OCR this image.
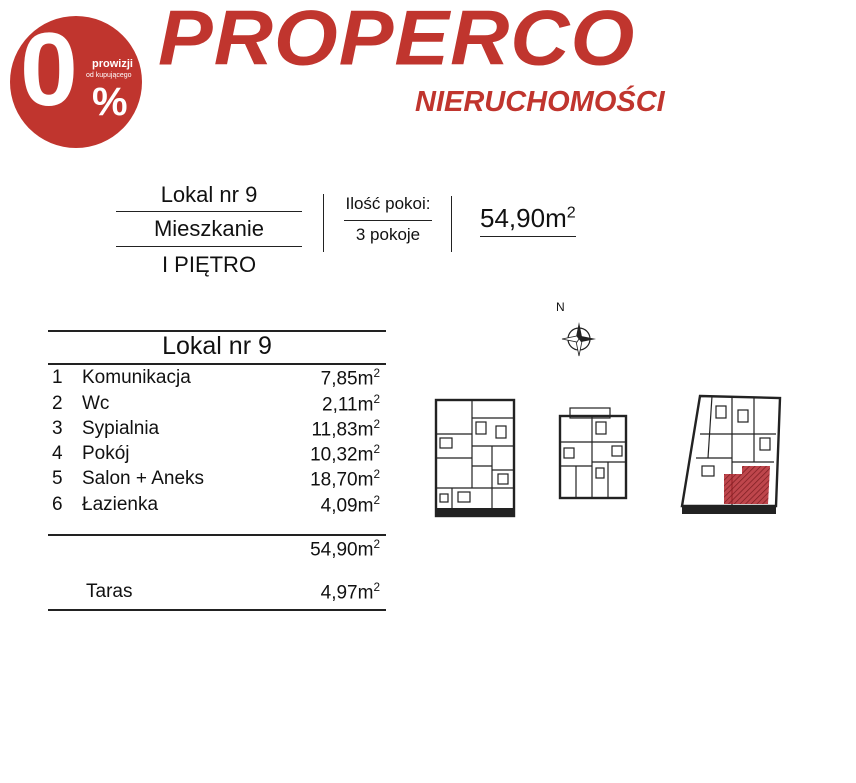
0 prowizji
od kupującego
%
PROPERCO
NIERUCHOMOŚCI
Lokal nr 9
Mieszkanie
I PIĘTRO
Ilość pokoi:
3 pokoje
$54,90m^2$
Lokal nr 9
1 Komunikacja	$7,85m^2$
2 Wc	$2,11m^2$
3 Sypialnia	$11,83m^2$
4 Pokój	$10,32m^2$
5 Salon + Aneks	$18,70m^2$
6 Łazienka	$4,09m^2$
$54,90m^2$
Taras	$4,97m^2$
N
